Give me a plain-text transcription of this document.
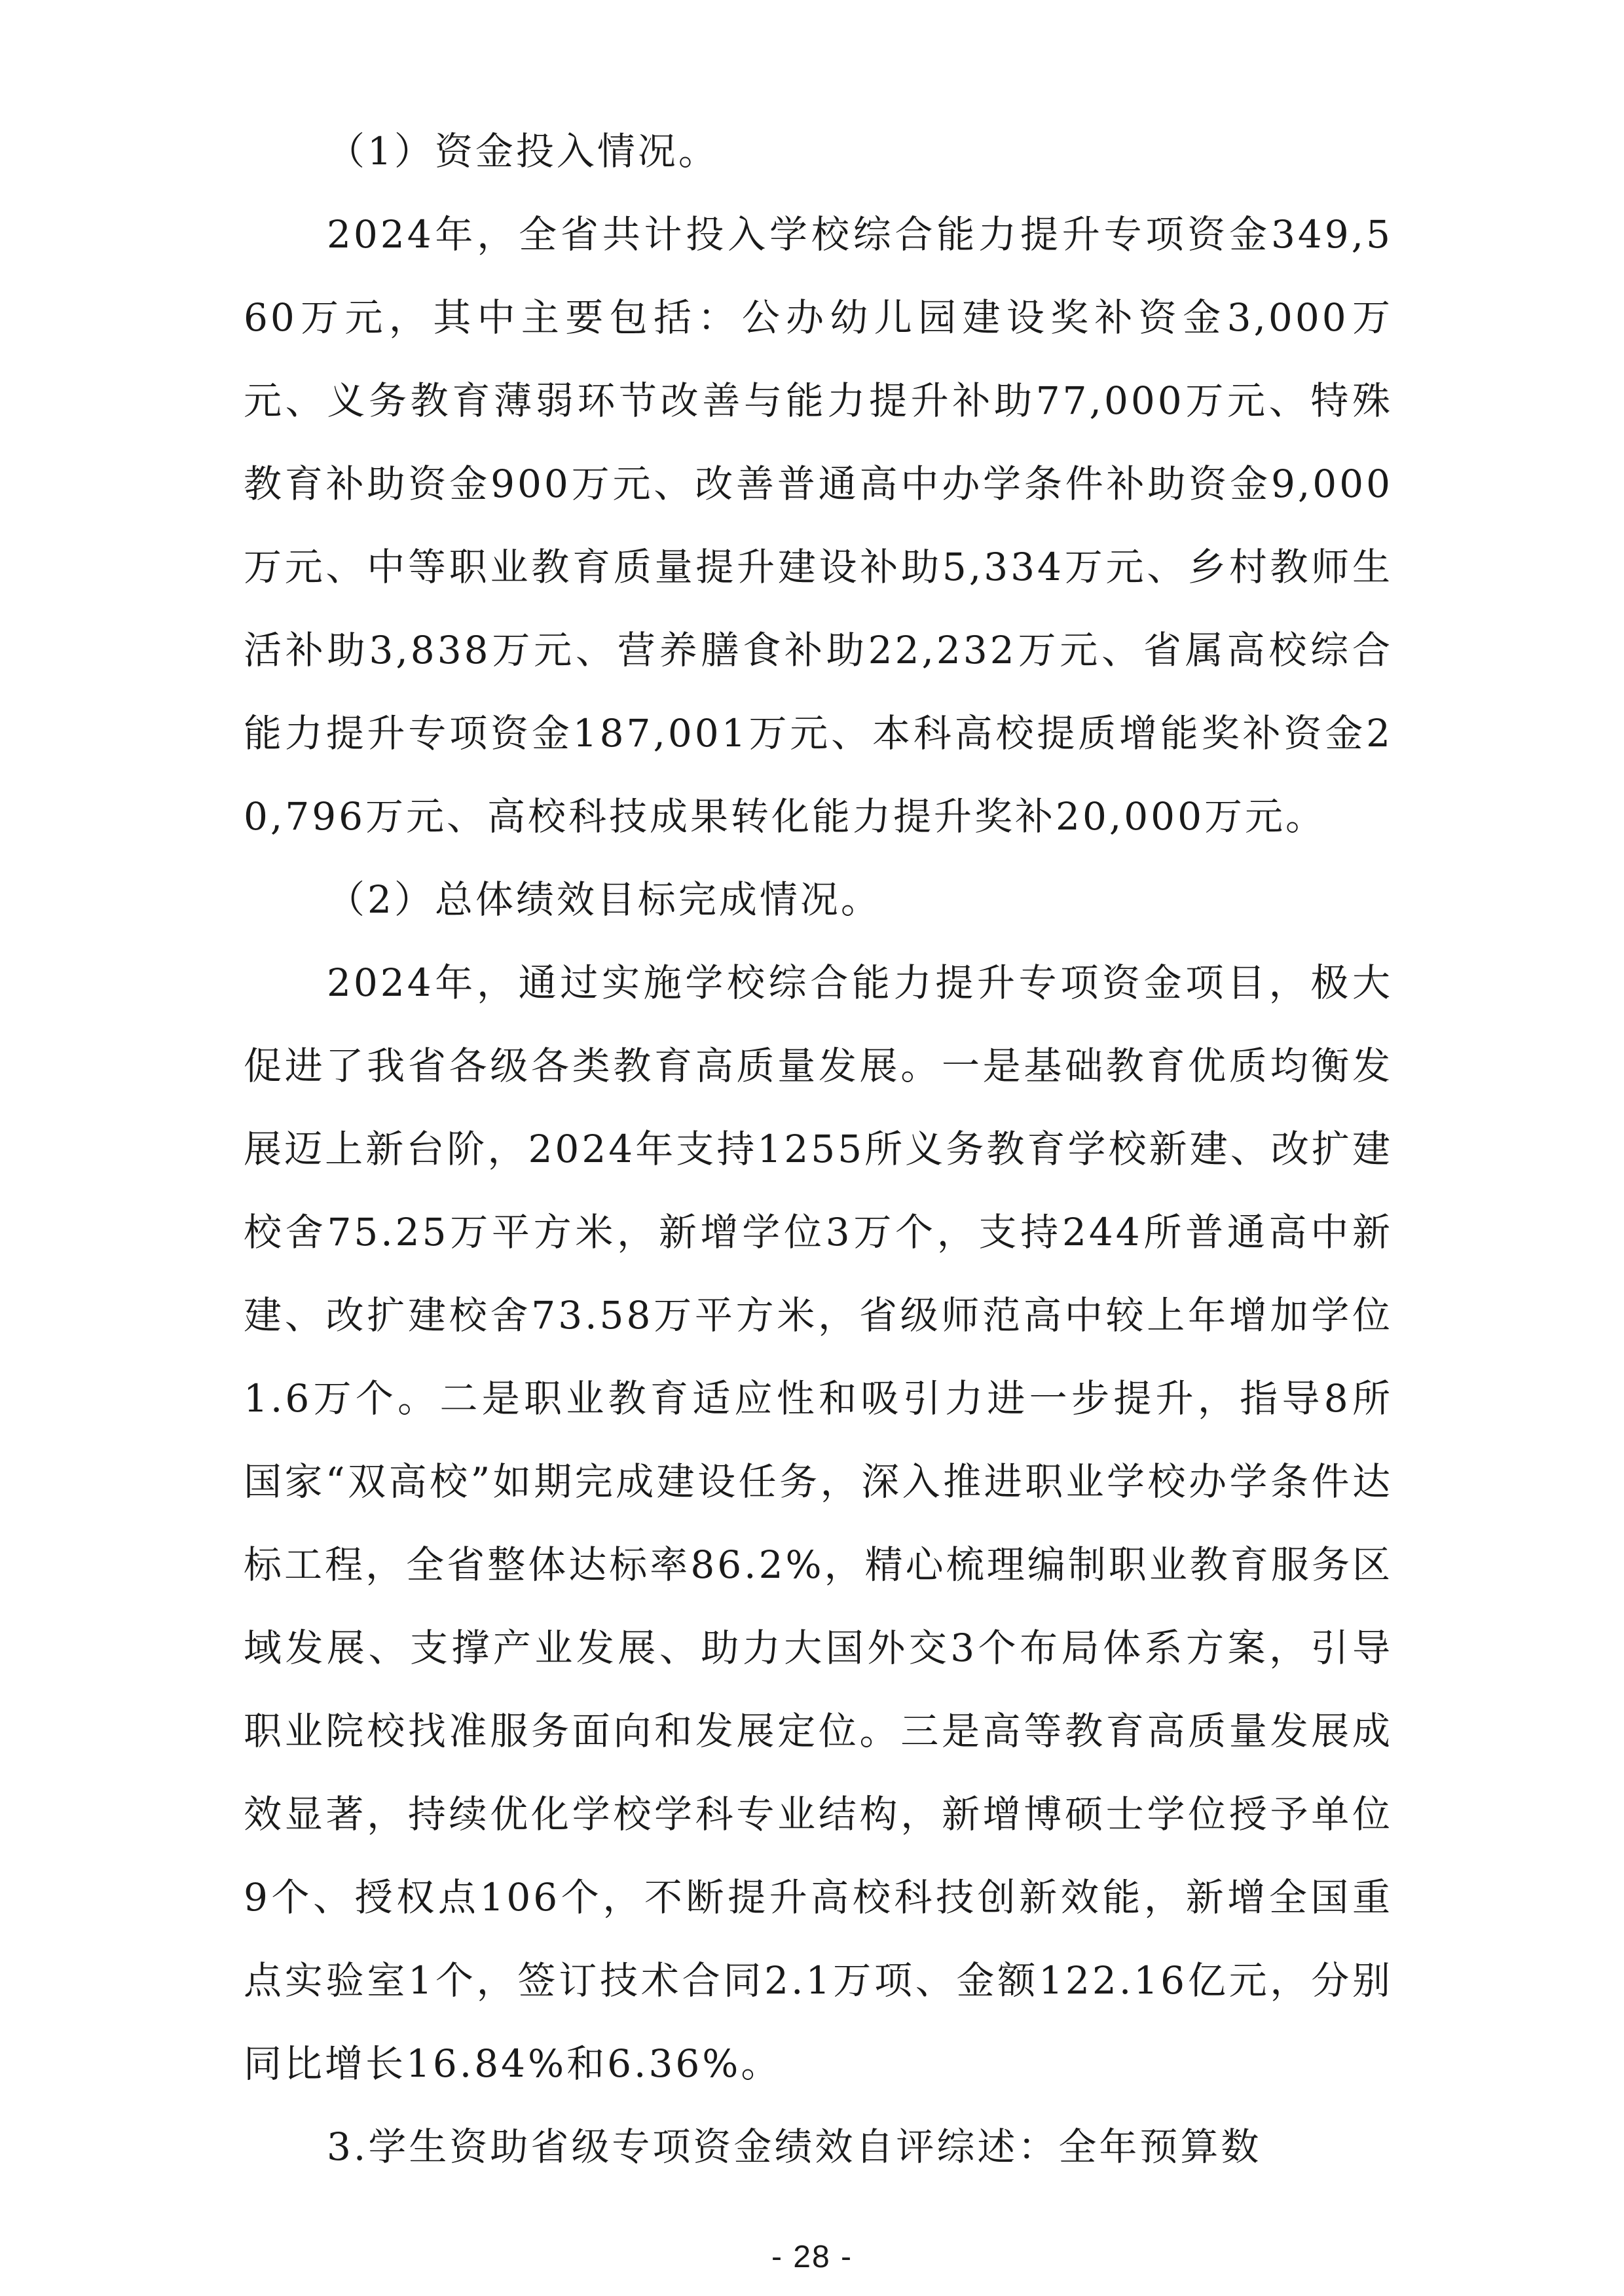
（1）资金投入情况。

2024年，全省共计投入学校综合能力提升专项资金349,560万元，其中主要包括：公办幼儿园建设奖补资金3,000万元、义务教育薄弱环节改善与能力提升补助77,000万元、特殊教育补助资金900万元、改善普通高中办学条件补助资金9,000万元、中等职业教育质量提升建设补助5,334万元、乡村教师生活补助3,838万元、营养膳食补助22,232万元、省属高校综合能力提升专项资金187,001万元、本科高校提质增能奖补资金20,796万元、高校科技成果转化能力提升奖补20,000万元。

（2）总体绩效目标完成情况。

2024年，通过实施学校综合能力提升专项资金项目，极大促进了我省各级各类教育高质量发展。一是基础教育优质均衡发展迈上新台阶，2024年支持1255所义务教育学校新建、改扩建校舍75.25万平方米，新增学位3万个，支持244所普通高中新建、改扩建校舍73.58万平方米，省级师范高中较上年增加学位1.6万个。二是职业教育适应性和吸引力进一步提升，指导8所国家“双高校”如期完成建设任务，深入推进职业学校办学条件达标工程，全省整体达标率86.2%，精心梳理编制职业教育服务区域发展、支撑产业发展、助力大国外交3个布局体系方案，引导职业院校找准服务面向和发展定位。三是高等教育高质量发展成效显著，持续优化学校学科专业结构，新增博硕士学位授予单位9个、授权点106个，不断提升高校科技创新效能，新增全国重点实验室1个，签订技术合同2.1万项、金额122.16亿元，分别同比增长16.84%和6.36%。

3.学生资助省级专项资金绩效自评综述：全年预算数

- 28 -
